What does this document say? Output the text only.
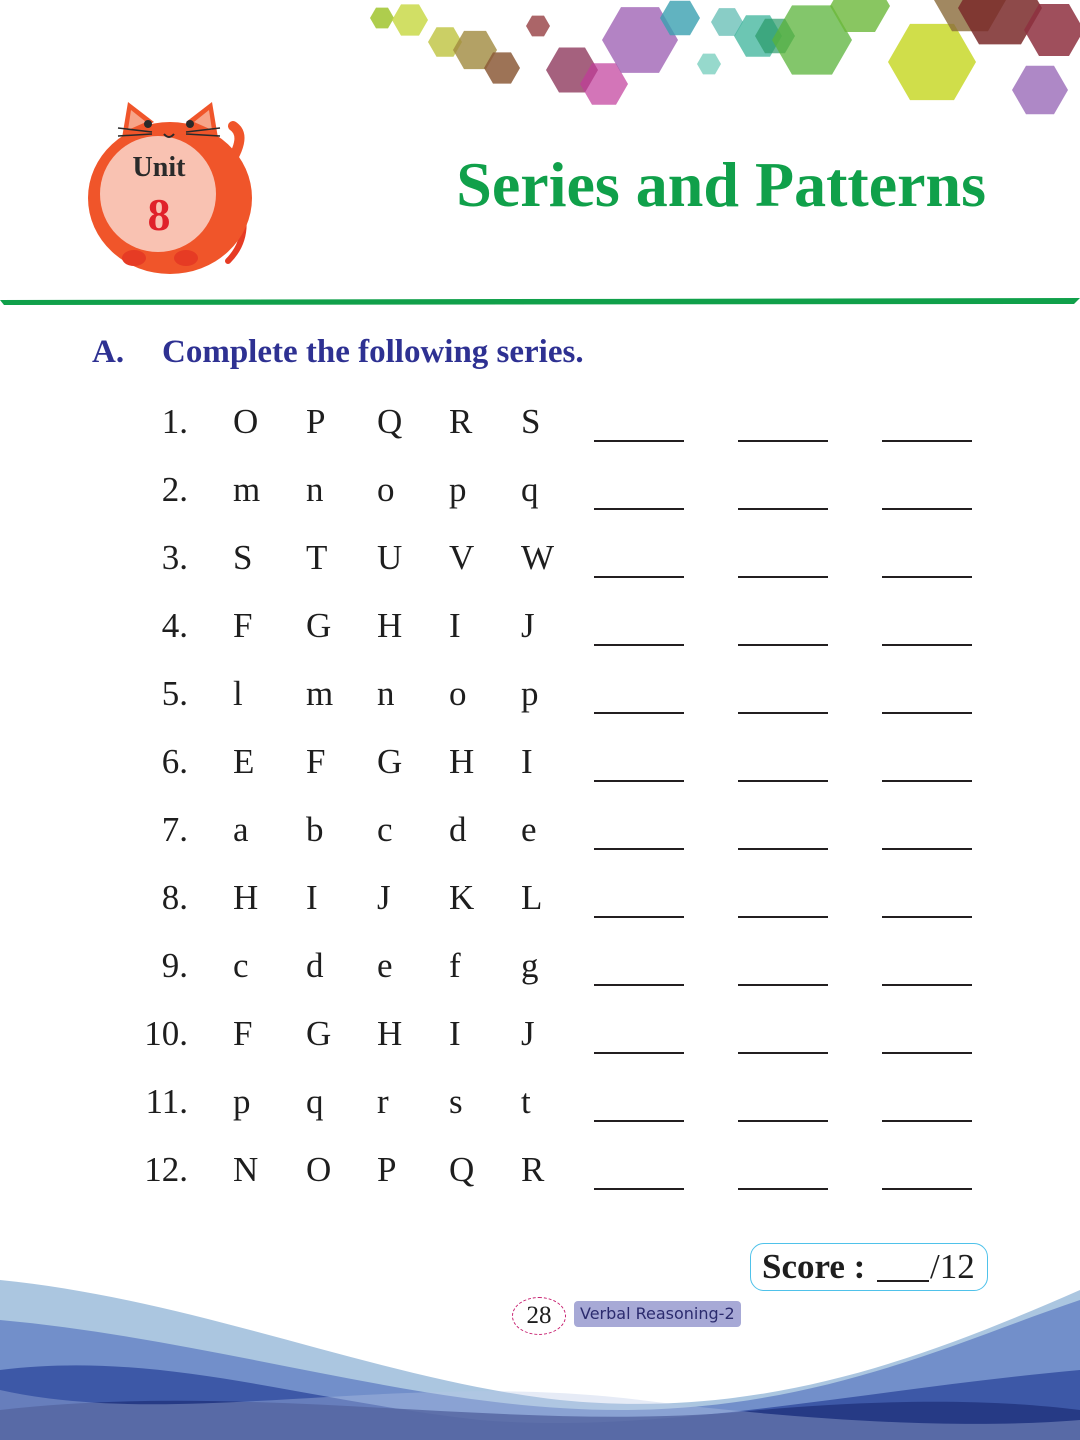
Unit
8	Series and Patterns
A. Complete the following series.
1. O P Q R S
2. m n o p q
3. S T U V W
4. F G H I J
5. l m n o p
6. E F G H I
7. a b c d e
8. H I J K L
9. c d e f g
10. F G H I J
11. p q r s t
12. N O P Q R
Score : /12
28	Verbal Reasoning-2
